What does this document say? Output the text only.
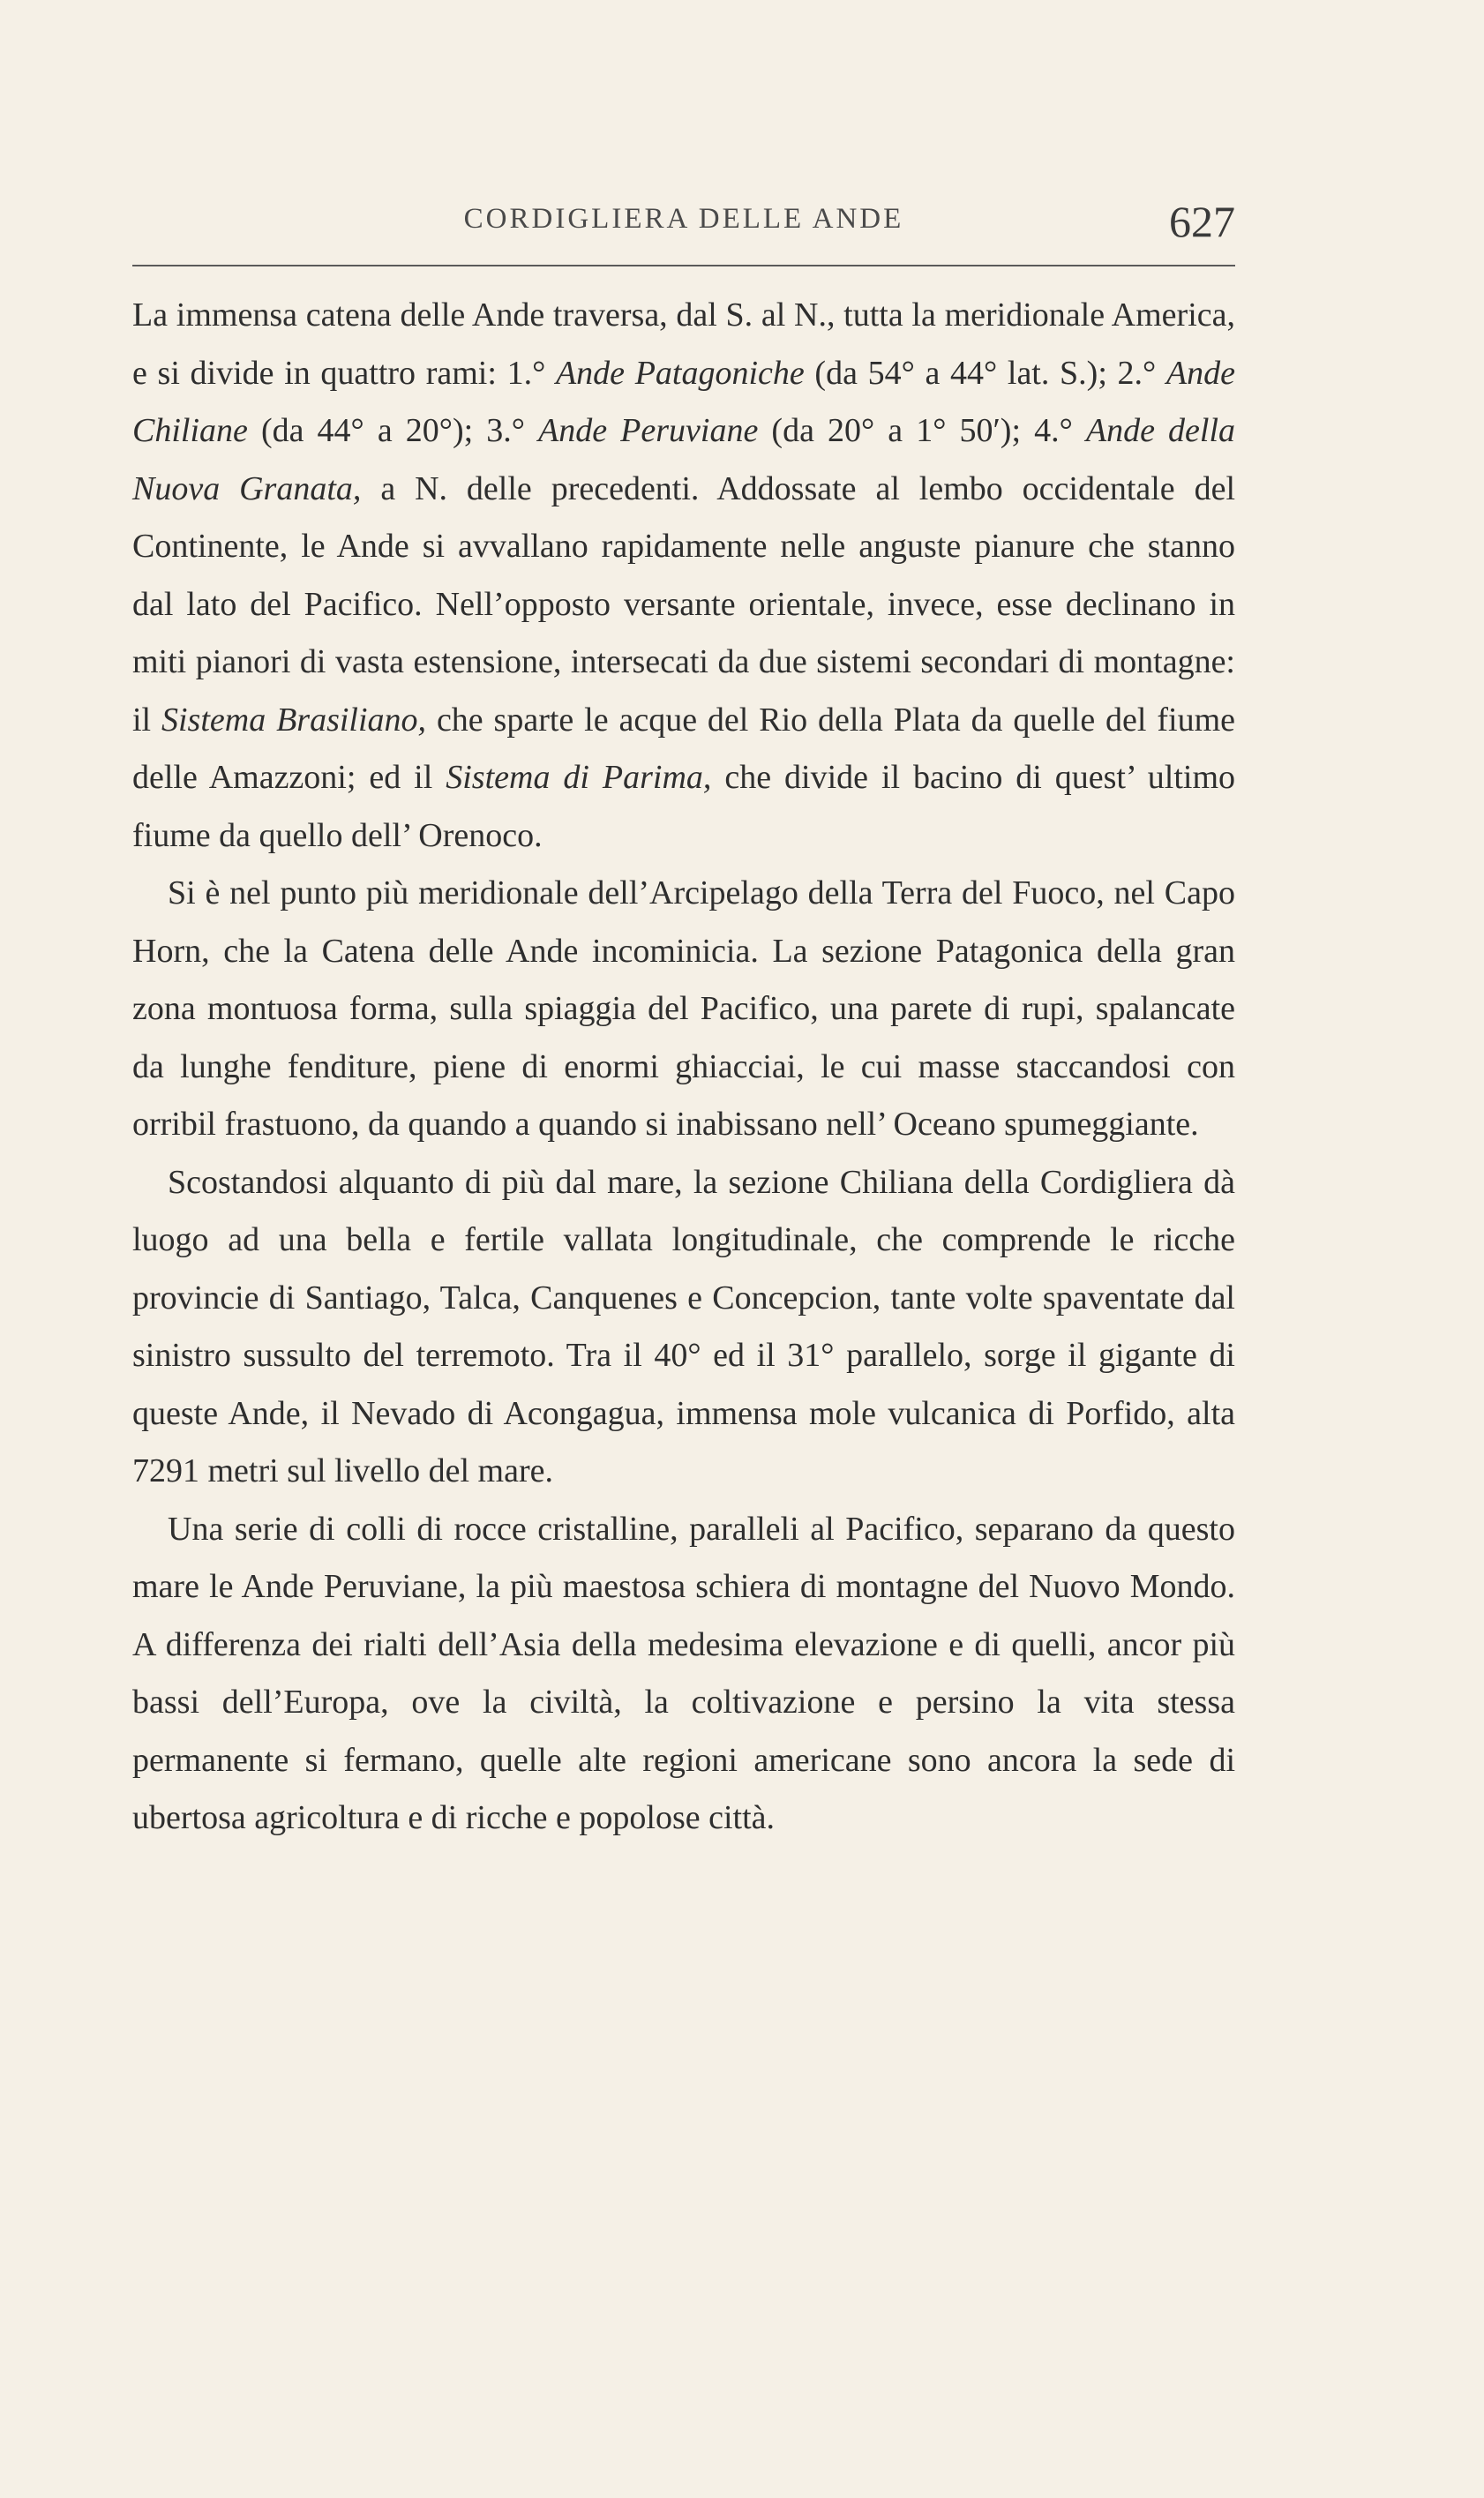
CORDIGLIERA DELLE ANDE	627

La immensa catena delle Ande traversa, dal S. al N., tutta la meridionale America, e si divide in quattro rami: 1.° Ande Patagoniche (da 54° a 44° lat. S.); 2.° Ande Chiliane (da 44° a 20°); 3.° Ande Peruviane (da 20° a 1° 50′); 4.° Ande della Nuova Granata, a N. delle precedenti. Addossate al lembo occidentale del Continente, le Ande si avvallano rapidamente nelle anguste pianure che stanno dal lato del Pacifico. Nell’opposto versante orientale, invece, esse declinano in miti pianori di vasta estensione, intersecati da due sistemi secondari di montagne: il Sistema Brasiliano, che sparte le acque del Rio della Plata da quelle del fiume delle Amazzoni; ed il Sistema di Parima, che divide il bacino di quest’ ultimo fiume da quello dell’ Orenoco.

Si è nel punto più meridionale dell’Arcipelago della Terra del Fuoco, nel Capo Horn, che la Catena delle Ande incominicia. La sezione Patagonica della gran zona montuosa forma, sulla spiaggia del Pacifico, una parete di rupi, spalancate da lunghe fenditure, piene di enormi ghiacciai, le cui masse staccandosi con orribil frastuono, da quando a quando si inabissano nell’ Oceano spumeggiante.

Scostandosi alquanto di più dal mare, la sezione Chiliana della Cordigliera dà luogo ad una bella e fertile vallata longitudinale, che comprende le ricche provincie di Santiago, Talca, Canquenes e Concepcion, tante volte spaventate dal sinistro sussulto del terremoto. Tra il 40° ed il 31° parallelo, sorge il gigante di queste Ande, il Nevado di Acongagua, immensa mole vulcanica di Porfido, alta 7291 metri sul livello del mare.

Una serie di colli di rocce cristalline, paralleli al Pacifico, separano da questo mare le Ande Peruviane, la più maestosa schiera di montagne del Nuovo Mondo. A differenza dei rialti dell’Asia della medesima elevazione e di quelli, ancor più bassi dell’Europa, ove la civiltà, la coltivazione e persino la vita stessa permanente si fermano, quelle alte regioni americane sono ancora la sede di ubertosa agricoltura e di ricche e popolose città.
